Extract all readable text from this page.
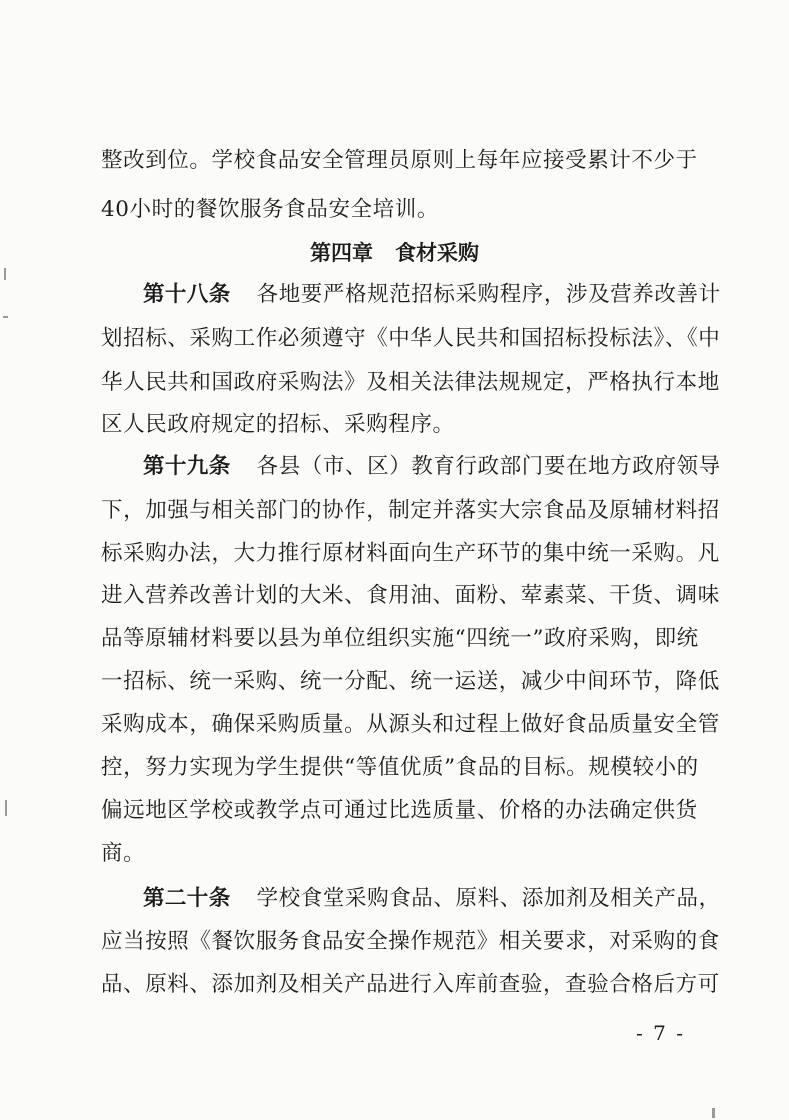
整改到位。学校食品安全管理员原则上每年应接受累计不少于
40小时的餐饮服务食品安全培训。
第四章 食材采购
第十八条 各地要严格规范招标采购程序，涉及营养改善计
划招标、采购工作必须遵守《中华人民共和国招标投标法》、《中
华人民共和国政府采购法》及相关法律法规规定，严格执行本地
区人民政府规定的招标、采购程序。
第十九条 各县（市、区）教育行政部门要在地方政府领导
下，加强与相关部门的协作，制定并落实大宗食品及原辅材料招
标采购办法，大力推行原材料面向生产环节的集中统一采购。凡
进入营养改善计划的大米、食用油、面粉、荤素菜、干货、调味
品等原辅材料要以县为单位组织实施“四统一”政府采购，即统
一招标、统一采购、统一分配、统一运送，减少中间环节，降低
采购成本，确保采购质量。从源头和过程上做好食品质量安全管
控，努力实现为学生提供“等值优质”食品的目标。规模较小的
偏远地区学校或教学点可通过比选质量、价格的办法确定供货
商。
第二十条 学校食堂采购食品、原料、添加剂及相关产品，
应当按照《餐饮服务食品安全操作规范》相关要求，对采购的食
品、原料、添加剂及相关产品进行入库前查验，查验合格后方可
- 7 -
